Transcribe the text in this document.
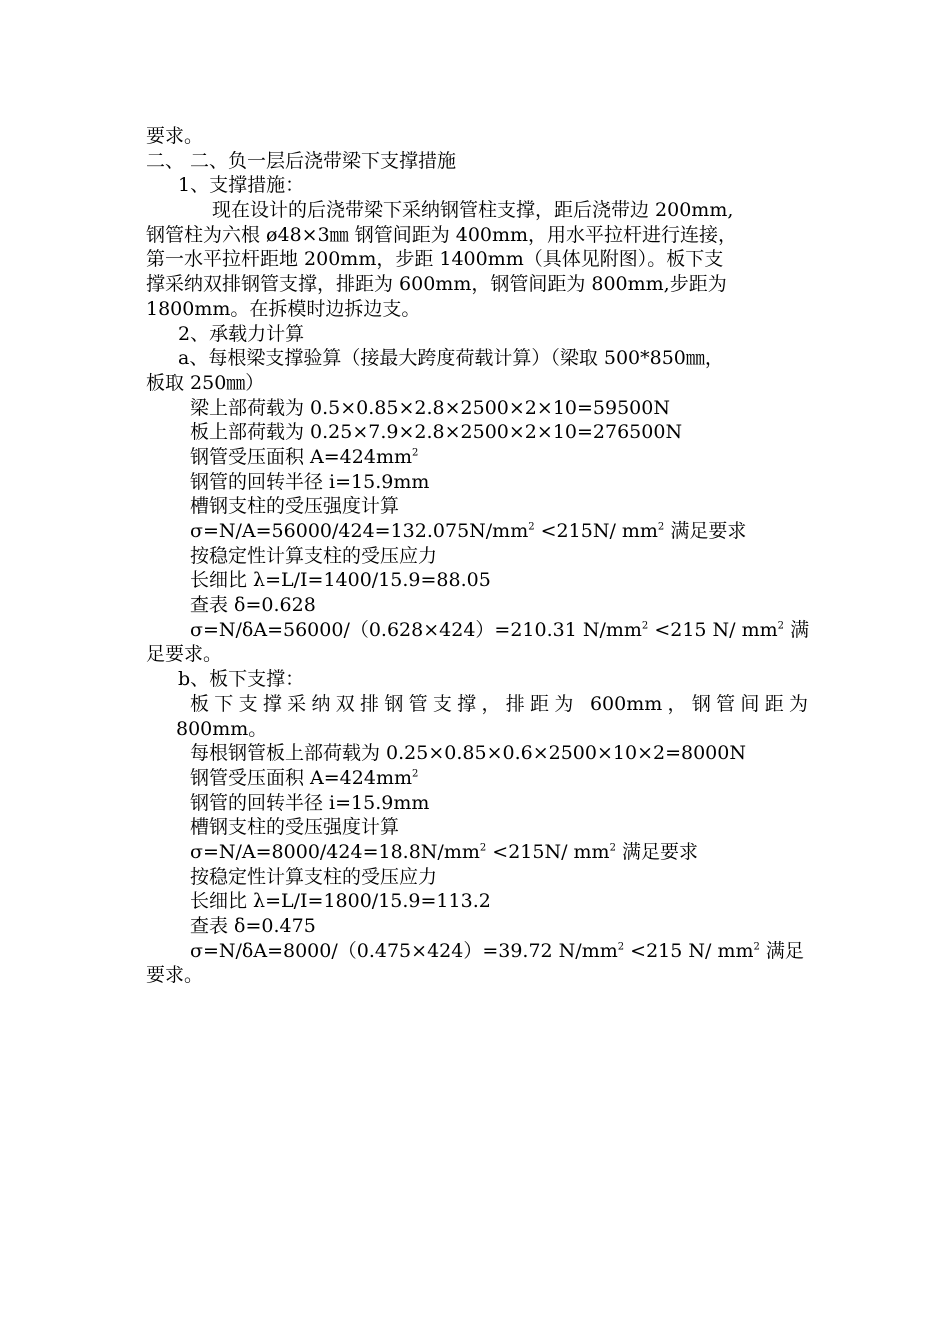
要求。
二、 二、负一层后浇带梁下支撑措施
1、支撑措施：
现在设计的后浇带梁下采纳钢管柱支撑，距后浇带边 200mm,
钢管柱为六根 ø48×3㎜ 钢管间距为 400mm，用水平拉杆进行连接，
第一水平拉杆距地 200mm，步距 1400mm（具体见附图）。板下支
撑采纳双排钢管支撑，排距为 600mm，钢管间距为 800mm,步距为
1800mm。在拆模时边拆边支。
2、承载力计算
a、每根梁支撑验算（接最大跨度荷载计算）（梁取 500*850㎜，
板取 250㎜）
梁上部荷载为 0.5×0.85×2.8×2500×2×10=59500N
板上部荷载为 0.25×7.9×2.8×2500×2×10=276500N
钢管受压面积 $A=424mm^2$
钢管的回转半径 i=15.9mm
槽钢支柱的受压强度计算
$\sigma=N/A=56000/424=132.075N/mm^2 <215N/$ $mm^2$ 满足要求
按稳定性计算支柱的受压应力
长细比 λ=L/I=1400/15.9=88.05
查表 δ=0.628
σ=N/δA=56000/（0.628×424）=210.31 $N/mm^2 <215$ N/ $mm^2$ 满
足要求。
b、板下支撑：
板下支撑采纳双排钢管支撑，排距为 600mm，钢管间距为
800mm。
每根钢管板上部荷载为 0.25×0.85×0.6×2500×10×2=8000N
钢管受压面积 $A=424mm^2$
钢管的回转半径 i=15.9mm
槽钢支柱的受压强度计算
$\sigma=N/A=8000/424=18.8N/mm^2 <215N/$ $mm^2$ 满足要求
按稳定性计算支柱的受压应力
长细比 λ=L/I=1800/15.9=113.2
查表 δ=0.475
σ=N/δA=8000/（0.475×424）=39.72 $N/mm^2 <215$ N/ $mm^2$ 满足
要求。
